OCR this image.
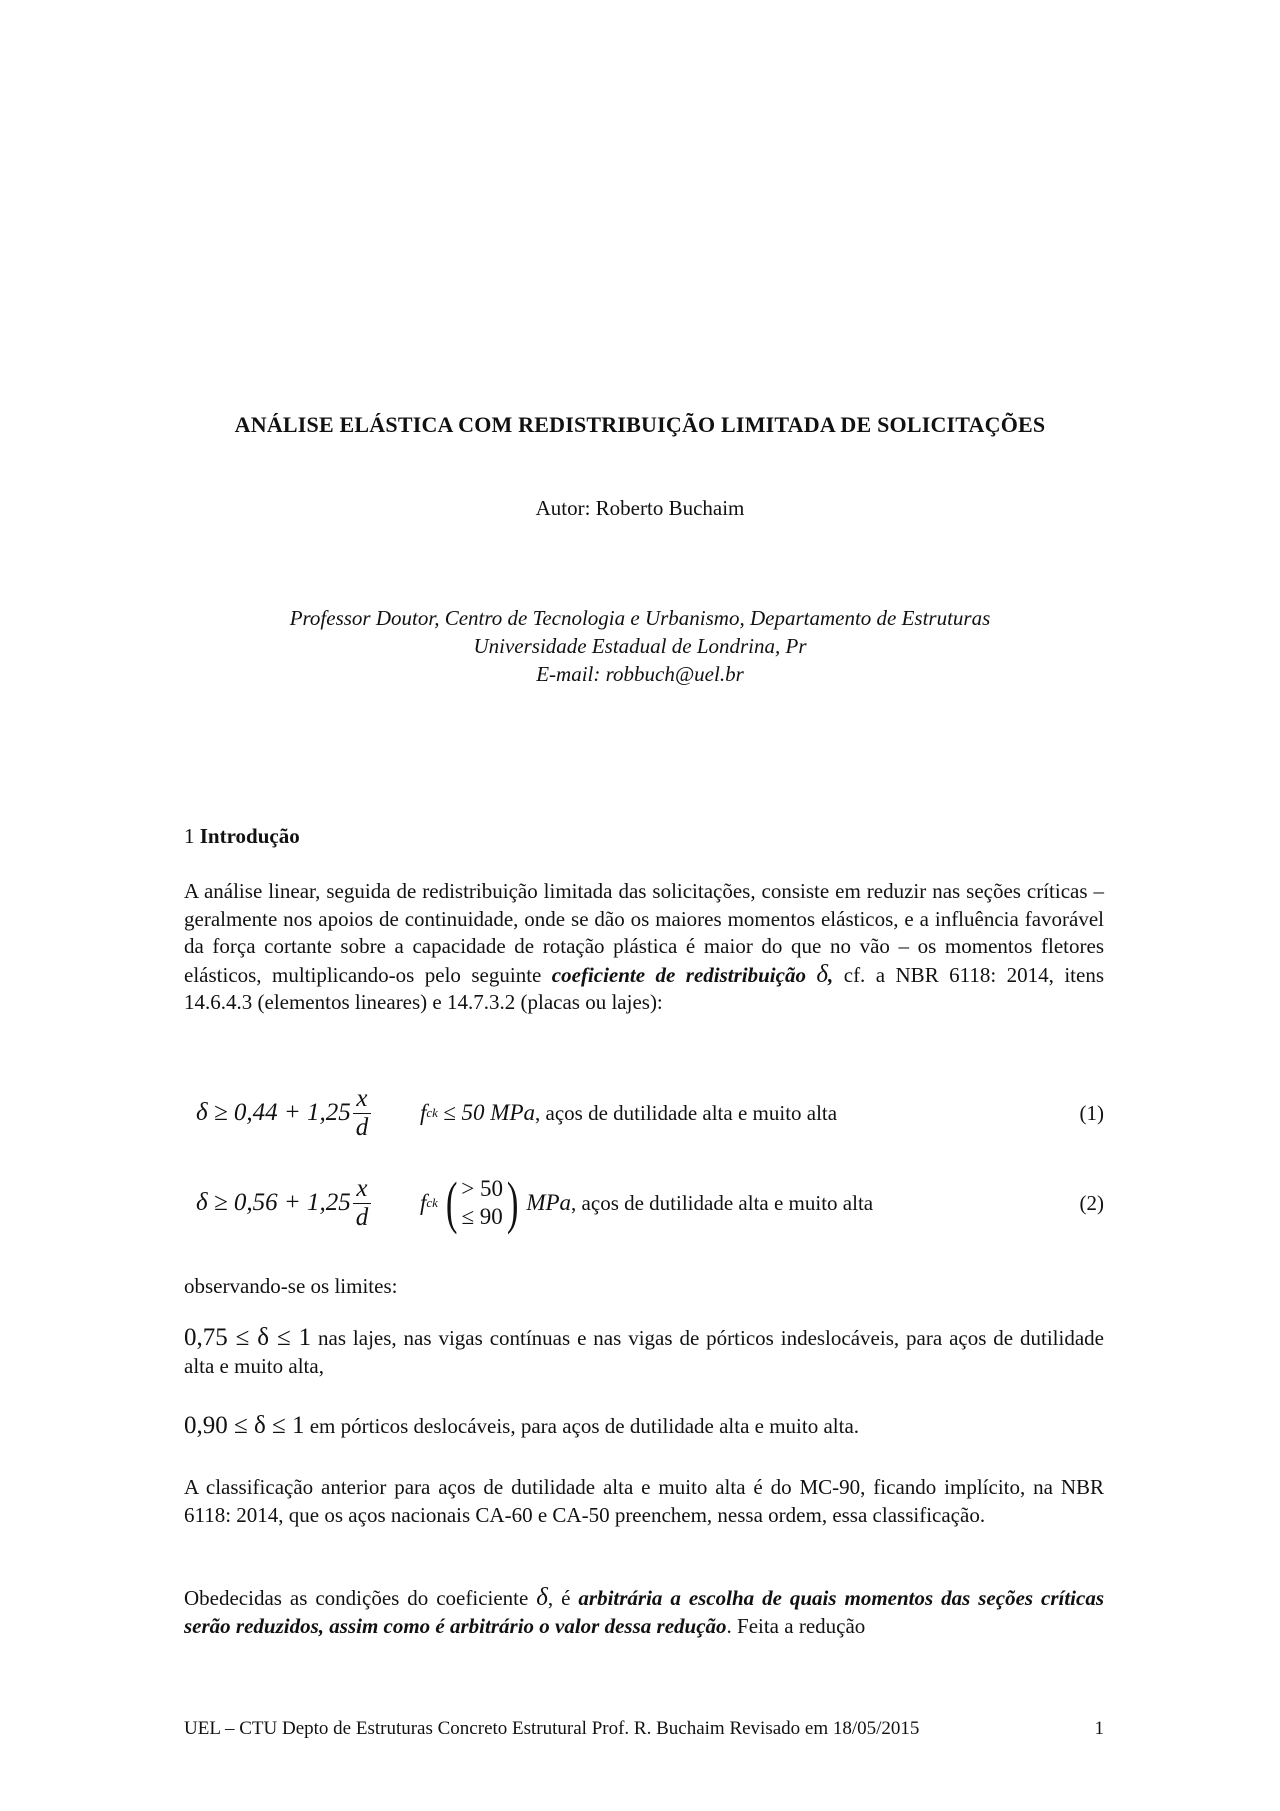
ANÁLISE ELÁSTICA COM REDISTRIBUIÇÃO LIMITADA DE SOLICITAÇÕES
Autor: Roberto Buchaim
Professor Doutor, Centro de Tecnologia e Urbanismo, Departamento de Estruturas
Universidade Estadual de Londrina, Pr
E-mail: robbuch@uel.br
1 Introdução
A análise linear, seguida de redistribuição limitada das solicitações, consiste em reduzir nas seções críticas – geralmente nos apoios de continuidade, onde se dão os maiores momentos elásticos, e a influência favorável da força cortante sobre a capacidade de rotação plástica é maior do que no vão – os momentos fletores elásticos, multiplicando-os pelo seguinte coeficiente de redistribuição δ, cf. a NBR 6118: 2014, itens 14.6.4.3 (elementos lineares) e 14.7.3.2 (placas ou lajes):
$\delta \ge 0,44 + 1,25 \frac{x}{d}$ f ck
≤ 50 MPa , aços de dutilidade alta e muito alta	(1)
$\delta \ge 0,56 + 1,25 \frac{x}{d}$ f ck ( > 50
≤ 90 ) MPa , aços de dutilidade alta e muito alta	(2)
observando-se os limites:
0,75 ≤ δ ≤ 1 nas lajes, nas vigas contínuas e nas vigas de pórticos indeslocáveis, para aços de dutilidade alta e muito alta,
0,90 ≤ δ ≤ 1 em pórticos deslocáveis, para aços de dutilidade alta e muito alta.
A classificação anterior para aços de dutilidade alta e muito alta é do MC-90, ficando implícito, na NBR 6118: 2014, que os aços nacionais CA-60 e CA-50 preenchem, nessa ordem, essa classificação.
Obedecidas as condições do coeficiente δ, é arbitrária a escolha de quais momentos das seções críticas serão reduzidos, assim como é arbitrário o valor dessa redução. Feita a redução
UEL – CTU Depto de Estruturas Concreto Estrutural Prof. R. Buchaim Revisado em 18/05/2015	1
